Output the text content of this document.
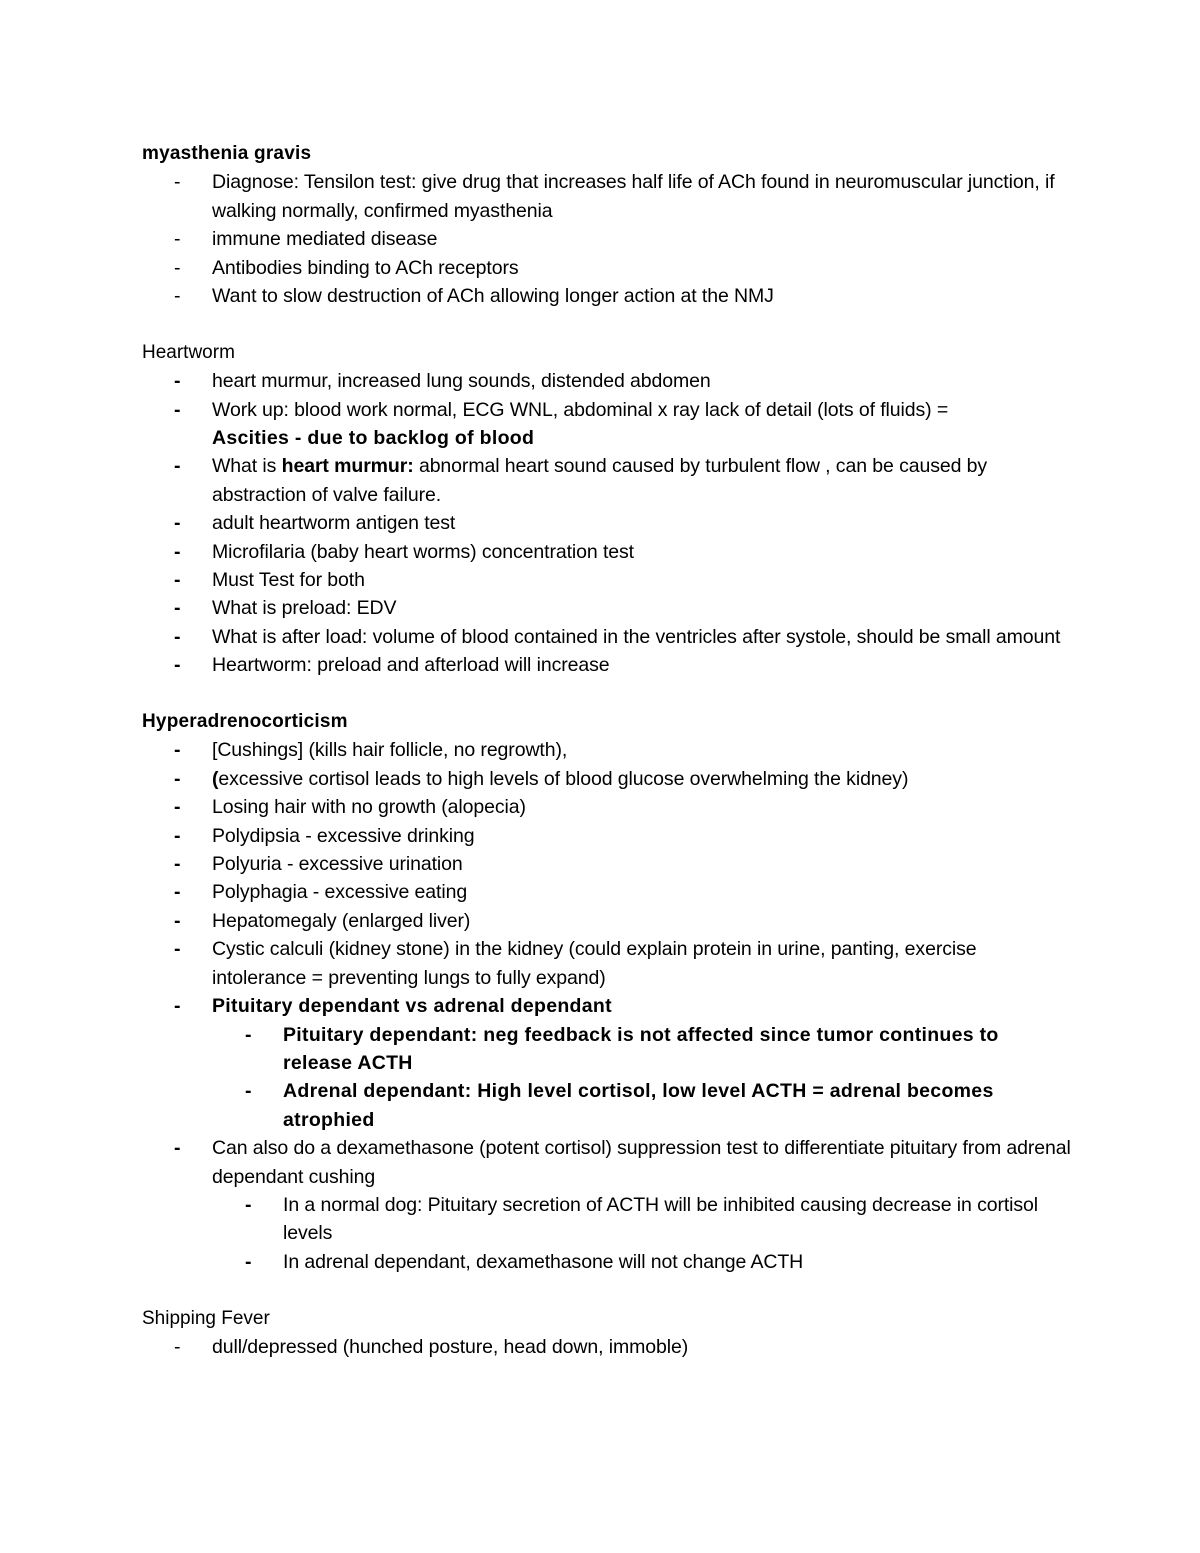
myasthenia gravis
-	Diagnose: Tensilon test: give drug that increases half life of ACh found in neuromuscular junction, if walking normally, confirmed myasthenia
-	immune mediated disease
-	Antibodies binding to ACh receptors
-	Want to slow destruction of ACh allowing longer action at the NMJ
Heartworm
-	heart murmur, increased lung sounds, distended abdomen
-	Work up: blood work normal, ECG WNL, abdominal x ray lack of detail (lots of fluids) =
Ascities - due to backlog of blood
-	What is heart murmur: abnormal heart sound caused by turbulent flow , can be caused by abstraction of valve failure.
-	adult heartworm antigen test
-	Microfilaria (baby heart worms) concentration test
-	Must Test for both
-	What is preload: EDV
-	What is after load: volume of blood contained in the ventricles after systole, should be small amount
-	Heartworm: preload and afterload will increase
Hyperadrenocorticism
-	[Cushings] (kills hair follicle, no regrowth),
-	(excessive cortisol leads to high levels of blood glucose overwhelming the kidney)
-	Losing hair with no growth (alopecia)
-	Polydipsia - excessive drinking
-	Polyuria - excessive urination
-	Polyphagia - excessive eating
-	Hepatomegaly (enlarged liver)
-	Cystic calculi (kidney stone) in the kidney (could explain protein in urine, panting, exercise intolerance = preventing lungs to fully expand)
-	Pituitary dependant vs adrenal dependant
-	Pituitary dependant: neg feedback is not affected since tumor continues to release ACTH
-	Adrenal dependant: High level cortisol, low level ACTH = adrenal becomes atrophied
-	Can also do a dexamethasone (potent cortisol) suppression test to differentiate pituitary from adrenal dependant cushing
-	In a normal dog: Pituitary secretion of ACTH will be inhibited causing decrease in cortisol levels
-	In adrenal dependant, dexamethasone will not change ACTH
Shipping Fever
-	dull/depressed (hunched posture, head down, immoble)
